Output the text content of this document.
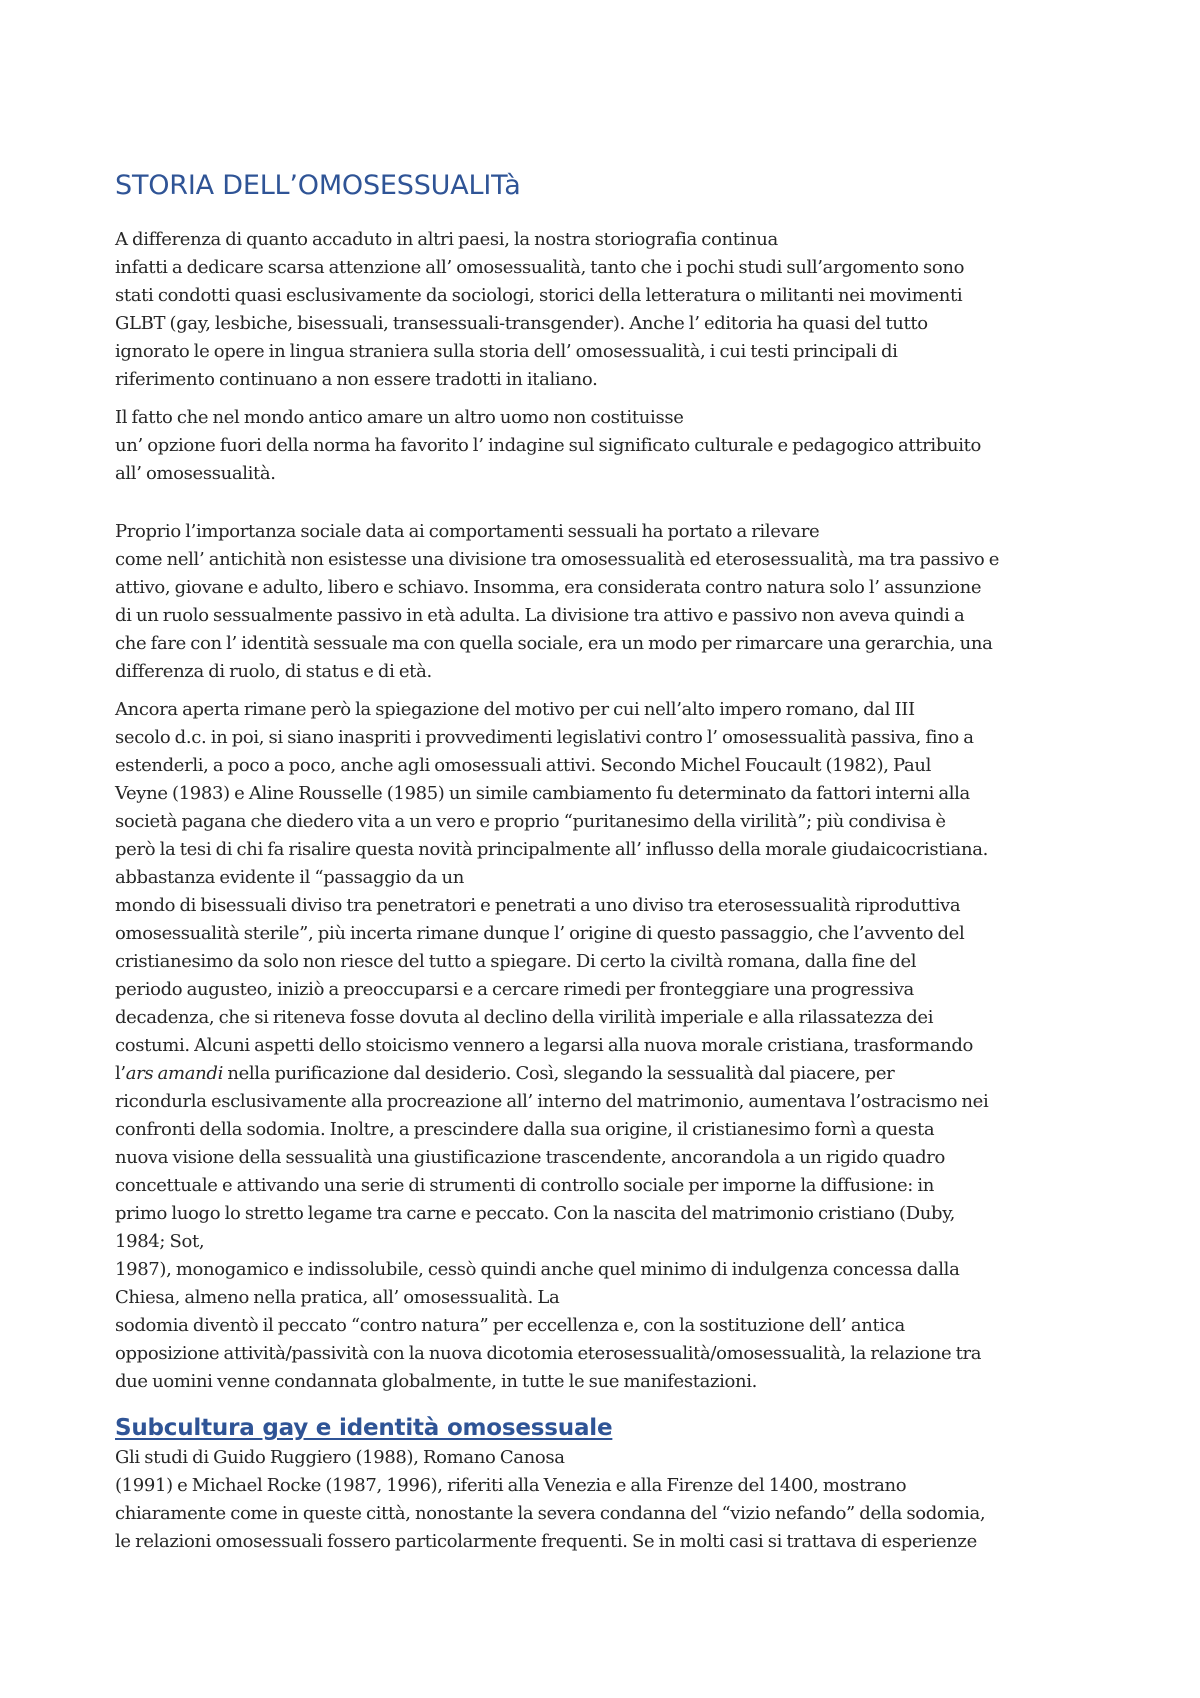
STORIA DELL’OMOSESSUALITà
A differenza di quanto accaduto in altri paesi, la nostra storiografia continua
infatti a dedicare scarsa attenzione all’ omosessualità, tanto che i pochi studi sull’argomento sono
stati condotti quasi esclusivamente da sociologi, storici della letteratura o militanti nei movimenti
GLBT (gay, lesbiche, bisessuali, transessuali-transgender). Anche l’ editoria ha quasi del tutto
ignorato le opere in lingua straniera sulla storia dell’ omosessualità, i cui testi principali di
riferimento continuano a non essere tradotti in italiano.
Il fatto che nel mondo antico amare un altro uomo non costituisse
un’ opzione fuori della norma ha favorito l’ indagine sul significato culturale e pedagogico attribuito
all’ omosessualità.
Proprio l’importanza sociale data ai comportamenti sessuali ha portato a rilevare
come nell’ antichità non esistesse una divisione tra omosessualità ed eterosessualità, ma tra passivo e
attivo, giovane e adulto, libero e schiavo. Insomma, era considerata contro natura solo l’ assunzione
di un ruolo sessualmente passivo in età adulta. La divisione tra attivo e passivo non aveva quindi a
che fare con l’ identità sessuale ma con quella sociale, era un modo per rimarcare una gerarchia, una
differenza di ruolo, di status e di età.
Ancora aperta rimane però la spiegazione del motivo per cui nell’alto impero romano, dal III
secolo d.c. in poi, si siano inaspriti i provvedimenti legislativi contro l’ omosessualità passiva, fino a
estenderli, a poco a poco, anche agli omosessuali attivi. Secondo Michel Foucault (1982), Paul
Veyne (1983) e Aline Rousselle (1985) un simile cambiamento fu determinato da fattori interni alla
società pagana che diedero vita a un vero e proprio “puritanesimo della virilità”; più condivisa è
però la tesi di chi fa risalire questa novità principalmente all’ influsso della morale giudaicocristiana.
abbastanza evidente il “passaggio da un
mondo di bisessuali diviso tra penetratori e penetrati a uno diviso tra eterosessualità riproduttiva
omosessualità sterile”, più incerta rimane dunque l’ origine di questo passaggio, che l’avvento del
cristianesimo da solo non riesce del tutto a spiegare. Di certo la civiltà romana, dalla fine del
periodo augusteo, iniziò a preoccuparsi e a cercare rimedi per fronteggiare una progressiva
decadenza, che si riteneva fosse dovuta al declino della virilità imperiale e alla rilassatezza dei
costumi. Alcuni aspetti dello stoicismo vennero a legarsi alla nuova morale cristiana, trasformando
l’ars amandi nella purificazione dal desiderio. Così, slegando la sessualità dal piacere, per
ricondurla esclusivamente alla procreazione all’ interno del matrimonio, aumentava l’ostracismo nei
confronti della sodomia. Inoltre, a prescindere dalla sua origine, il cristianesimo fornì a questa
nuova visione della sessualità una giustificazione trascendente, ancorandola a un rigido quadro
concettuale e attivando una serie di strumenti di controllo sociale per imporne la diffusione: in
primo luogo lo stretto legame tra carne e peccato. Con la nascita del matrimonio cristiano (Duby,
1984; Sot,
1987), monogamico e indissolubile, cessò quindi anche quel minimo di indulgenza concessa dalla
Chiesa, almeno nella pratica, all’ omosessualità. La
sodomia diventò il peccato “contro natura” per eccellenza e, con la sostituzione dell’ antica
opposizione attività/passività con la nuova dicotomia eterosessualità/omosessualità, la relazione tra
due uomini venne condannata globalmente, in tutte le sue manifestazioni.
Subcultura gay e identità omosessuale
Gli studi di Guido Ruggiero (1988), Romano Canosa
(1991) e Michael Rocke (1987, 1996), riferiti alla Venezia e alla Firenze del 1400, mostrano
chiaramente come in queste città, nonostante la severa condanna del “vizio nefando” della sodomia,
le relazioni omosessuali fossero particolarmente frequenti. Se in molti casi si trattava di esperienze
